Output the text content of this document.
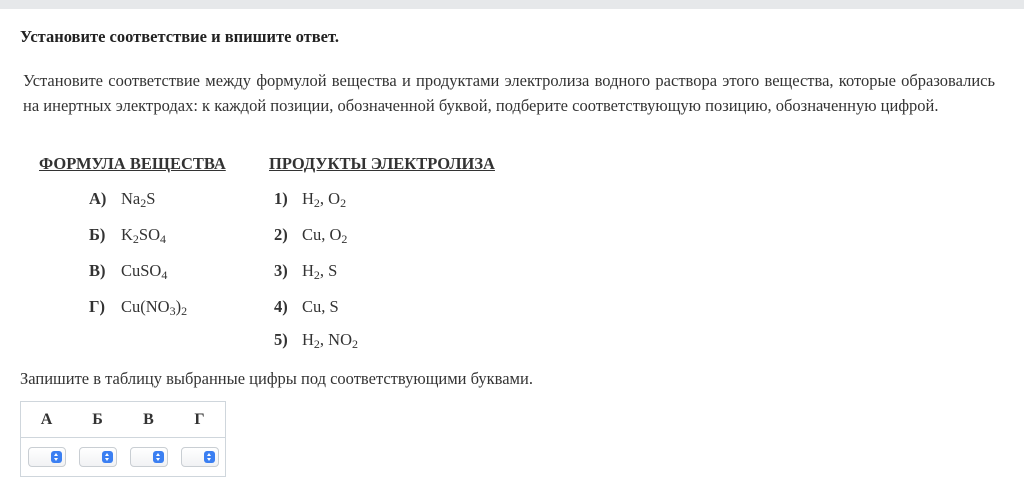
Установите соответствие и впишите ответ.
Установите соответствие между формулой вещества и продуктами электролиза водного раствора этого вещества, которые образовались на инертных электродах: к каждой позиции, обозначенной буквой, подберите соответствующую позицию, обозначенную цифрой.
ФОРМУЛА ВЕЩЕСТВА	ПРОДУКТЫ ЭЛЕКТРОЛИЗА
А) $Na_2S$
Б) $K_2SO_4$
В) CuSO$_4$
Г) $Cu(NO_3)_2$
1) $H_2$, $O_2$
2) Cu, $O_2$
3) $H_2$, S
4) Cu, S
5) $H_2$, $NO_2$
Запишите в таблицу выбранные цифры под соответствующими буквами.
А	Б	В	Г
